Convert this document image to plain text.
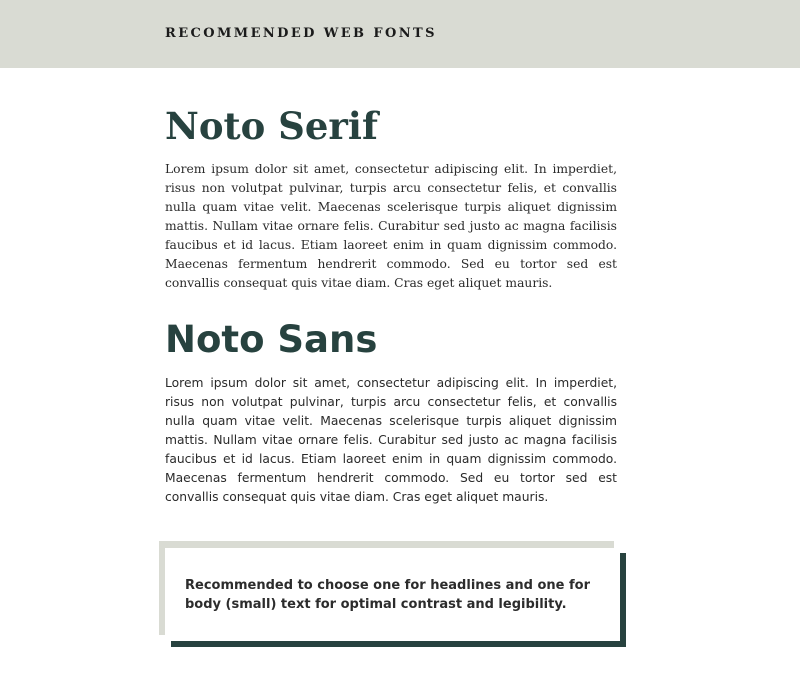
RECOMMENDED WEB FONTS
Noto Serif

Lorem ipsum dolor sit amet, consectetur adipiscing elit. In imperdiet, risus non volutpat pulvinar, turpis arcu consectetur felis, et convallis nulla quam vitae velit. Maecenas scelerisque turpis aliquet dignissim mattis. Nullam vitae ornare felis. Curabitur sed justo ac magna facilisis faucibus et id lacus. Etiam laoreet enim in quam dignissim commodo. Maecenas fermentum hendrerit commodo. Sed eu tortor sed est convallis consequat quis vitae diam. Cras eget aliquet mauris.

Noto Sans

Lorem ipsum dolor sit amet, consectetur adipiscing elit. In imperdiet, risus non volutpat pulvinar, turpis arcu consectetur felis, et convallis nulla quam vitae velit. Maecenas scelerisque turpis aliquet dignissim mattis. Nullam vitae ornare felis. Curabitur sed justo ac magna facilisis faucibus et id lacus. Etiam laoreet enim in quam dignissim commodo. Maecenas fermentum hendrerit commodo. Sed eu tortor sed est convallis consequat quis vitae diam. Cras eget aliquet mauris.

Recommended to choose one for headlines and one for body (small) text for optimal contrast and legibility.
